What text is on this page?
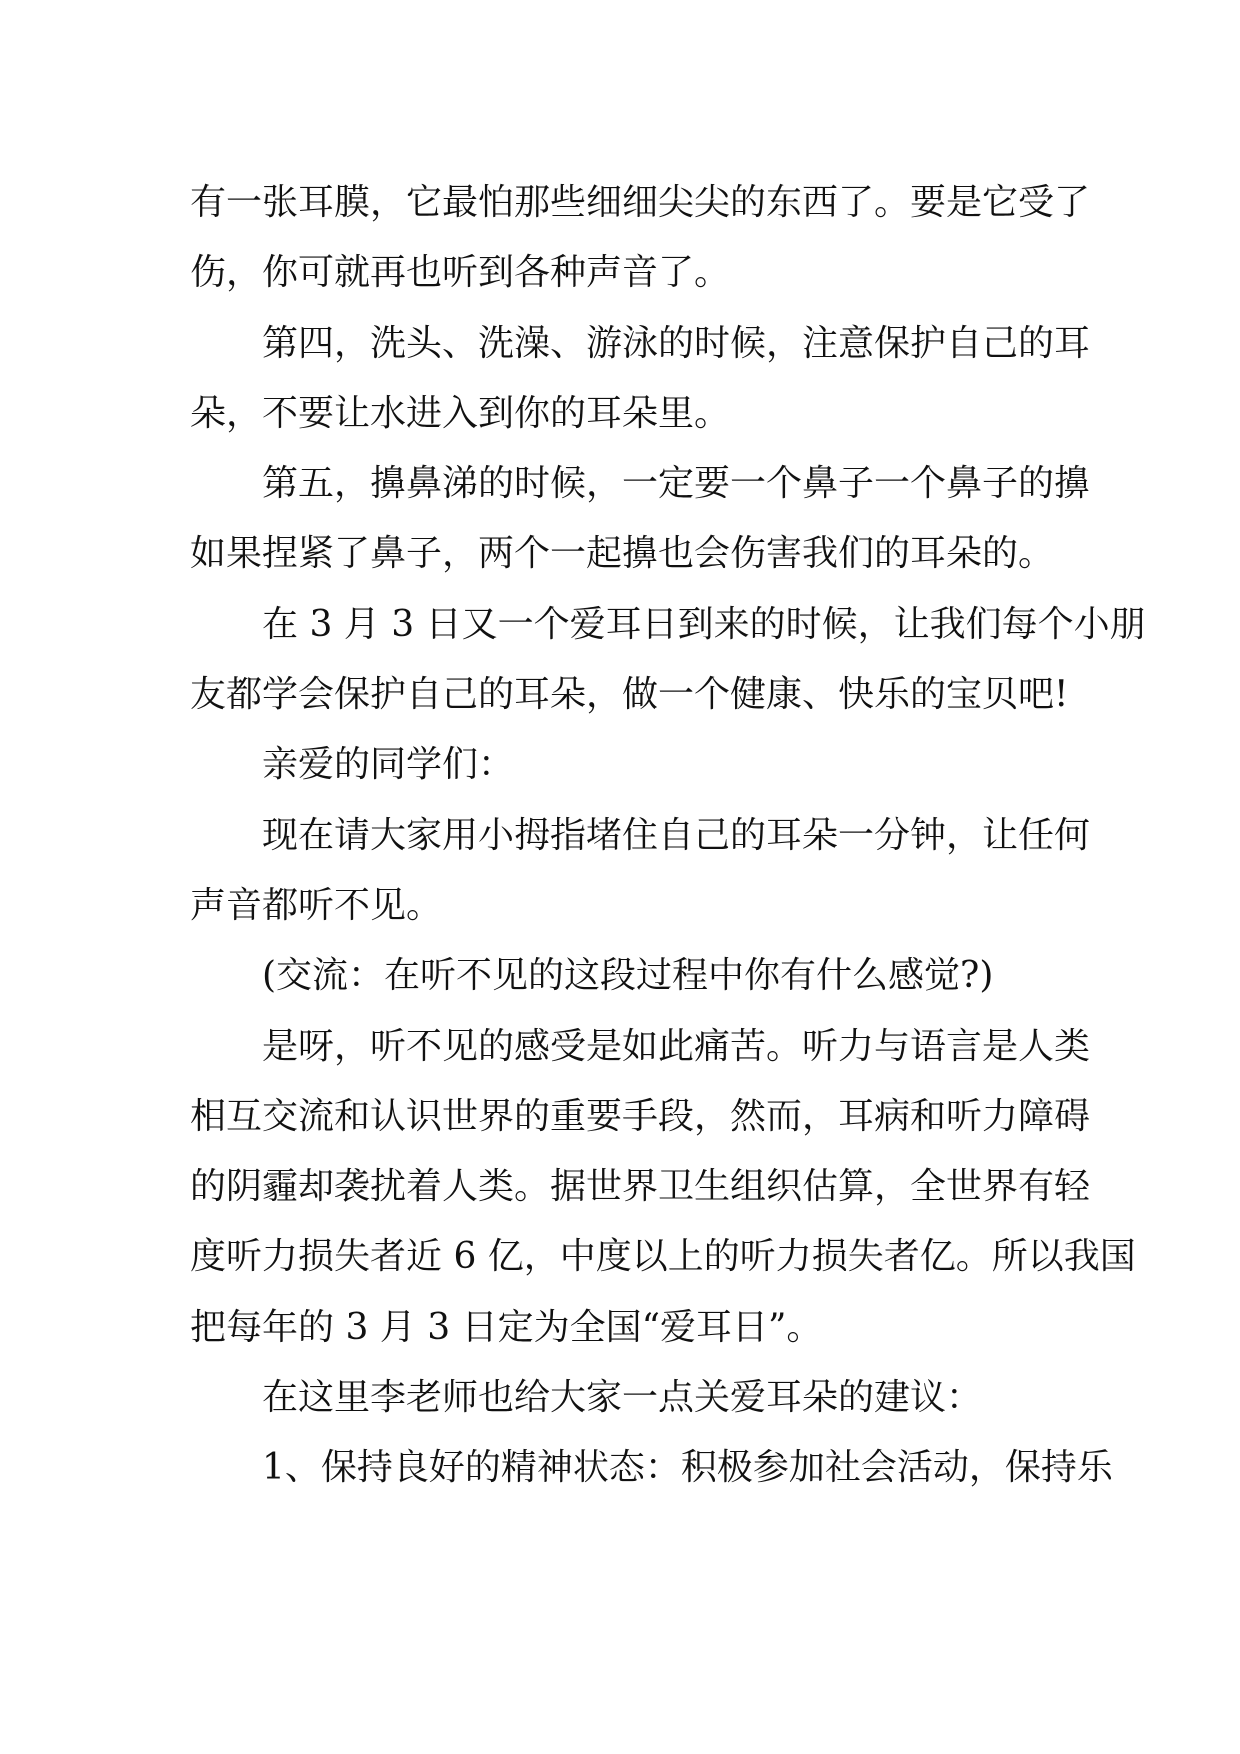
有一张耳膜，它最怕那些细细尖尖的东西了。要是它受了
伤，你可就再也听到各种声音了。
第四，洗头、洗澡、游泳的时候，注意保护自己的耳
朵，不要让水进入到你的耳朵里。
第五，擤鼻涕的时候，一定要一个鼻子一个鼻子的擤
如果捏紧了鼻子，两个一起擤也会伤害我们的耳朵的。
在 3 月 3 日又一个爱耳日到来的时候，让我们每个小朋
友都学会保护自己的耳朵，做一个健康、快乐的宝贝吧!
亲爱的同学们：
现在请大家用小拇指堵住自己的耳朵一分钟，让任何
声音都听不见。
(交流：在听不见的这段过程中你有什么感觉?)
是呀，听不见的感受是如此痛苦。听力与语言是人类
相互交流和认识世界的重要手段，然而，耳病和听力障碍
的阴霾却袭扰着人类。据世界卫生组织估算，全世界有轻
度听力损失者近 6 亿，中度以上的听力损失者亿。所以我国
把每年的 3 月 3 日定为全国“爱耳日”。
在这里李老师也给大家一点关爱耳朵的建议：
1、保持良好的精神状态：积极参加社会活动，保持乐
